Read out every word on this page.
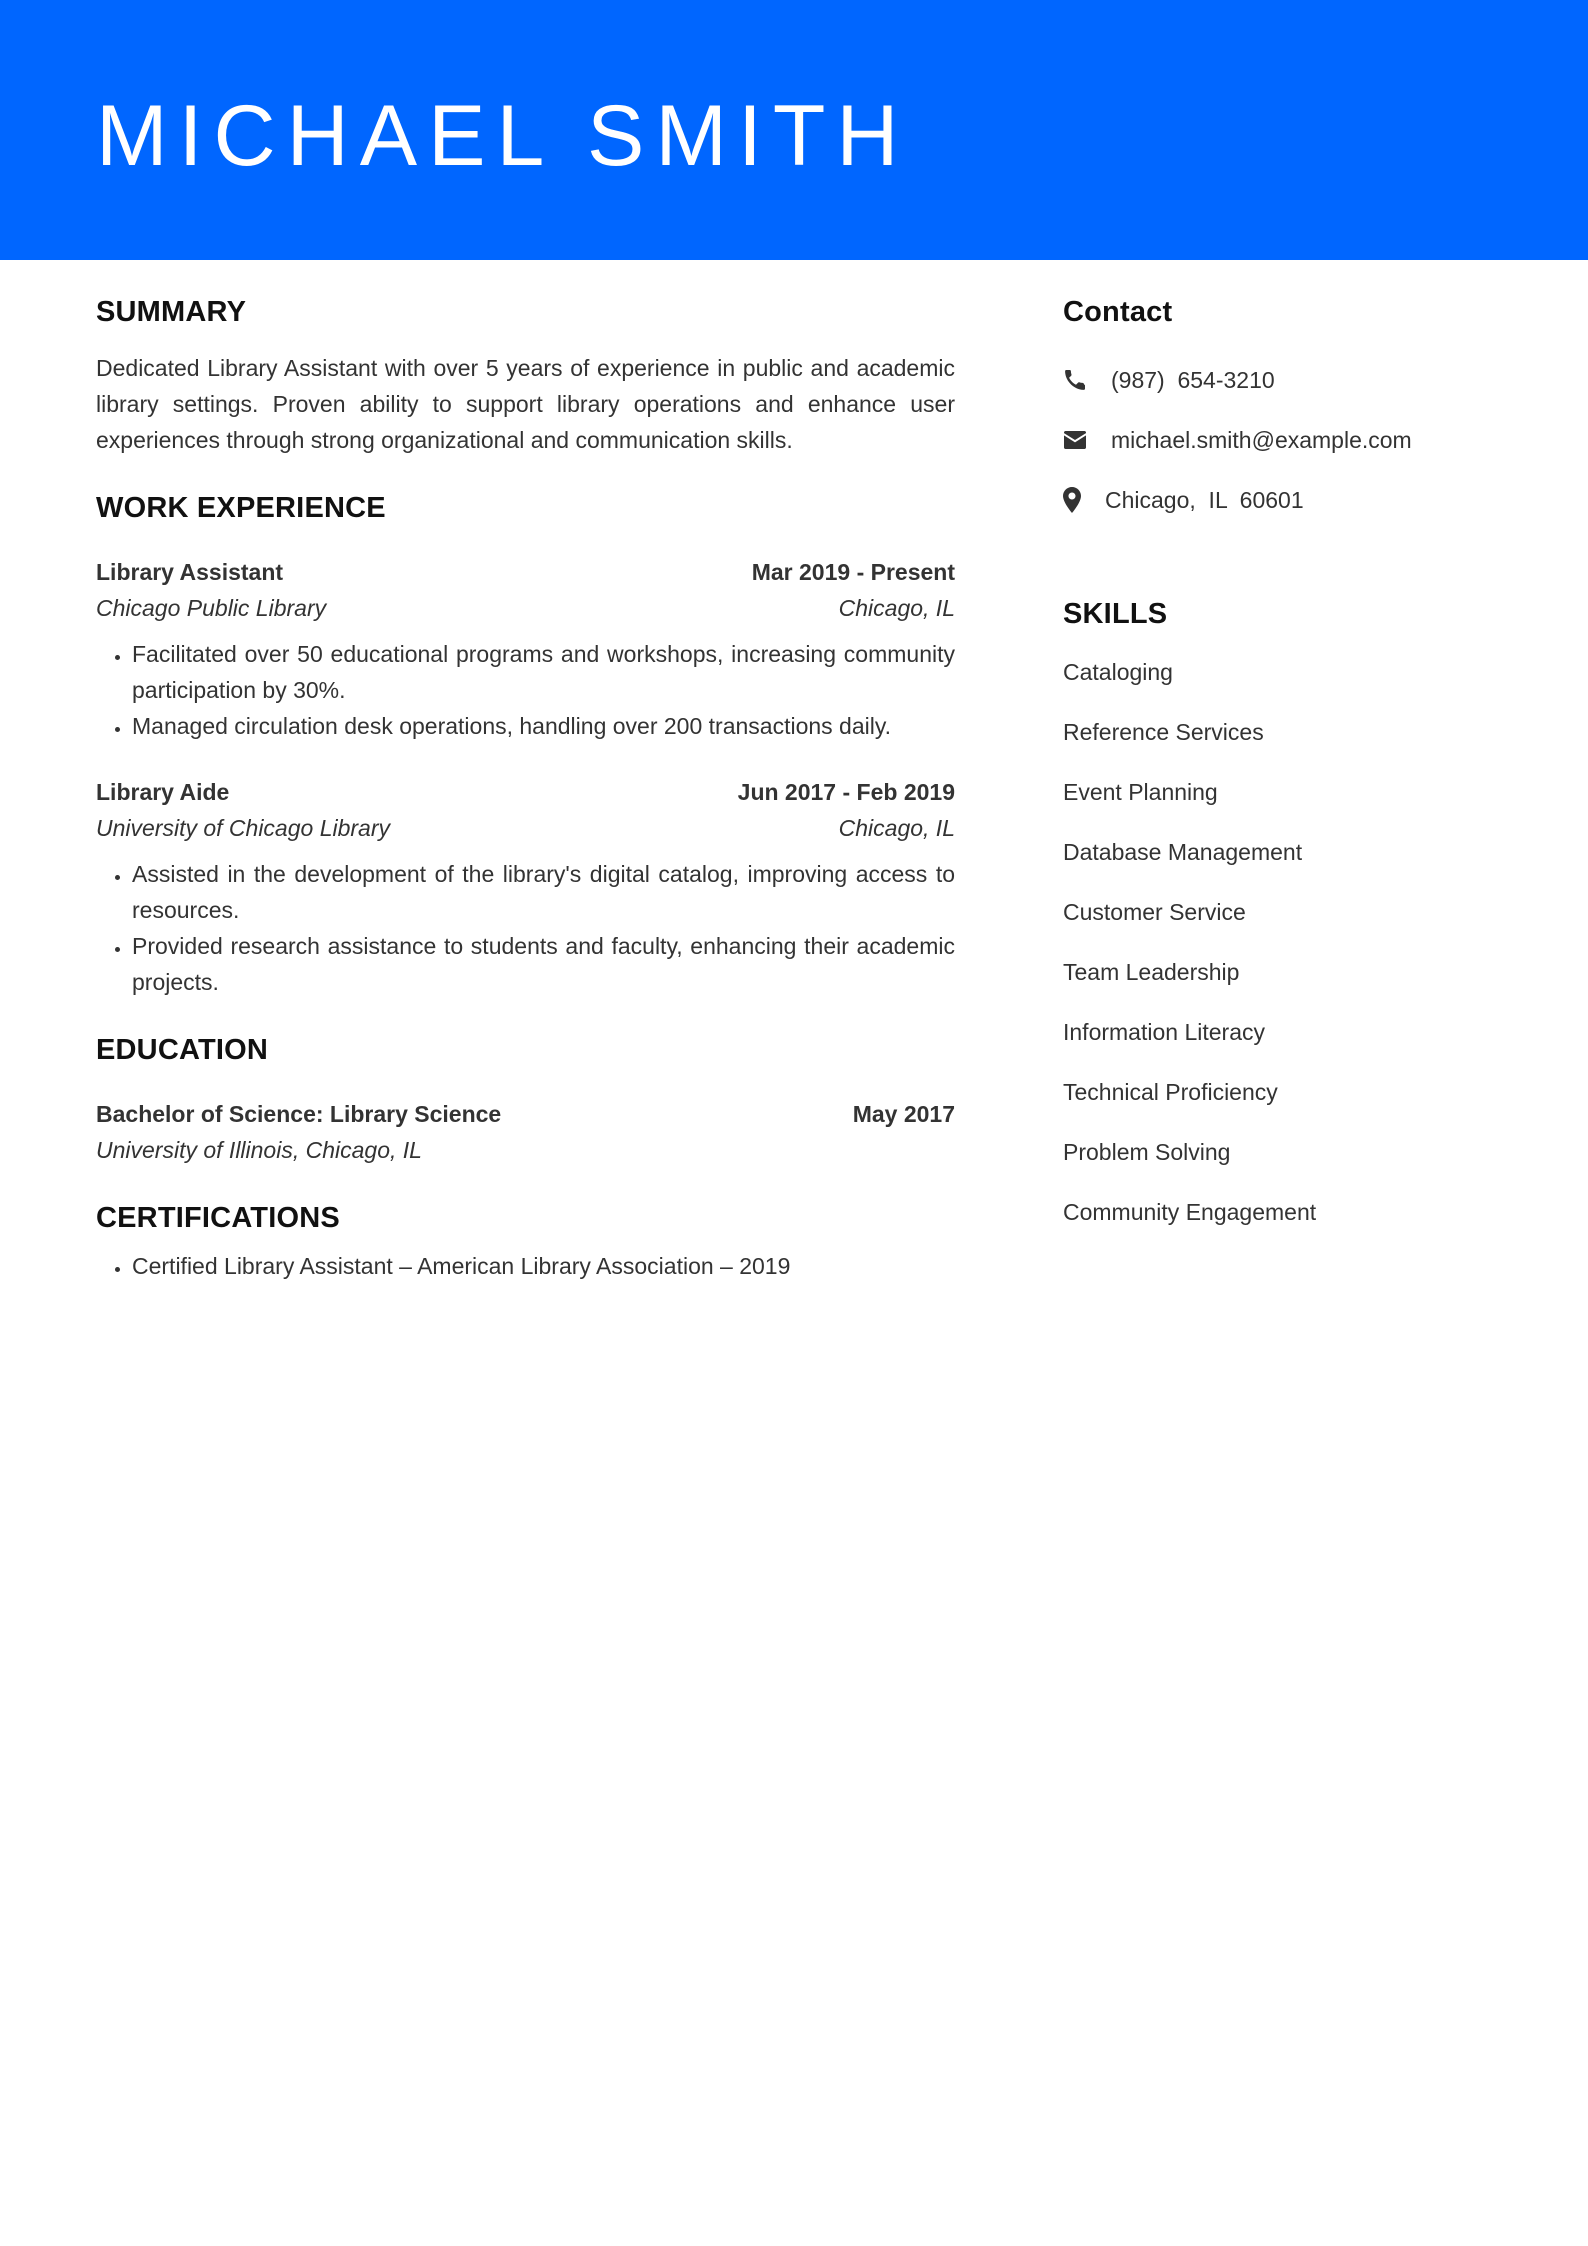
MICHAEL SMITH
SUMMARY

Dedicated Library Assistant with over 5 years of experience in public and academic library settings. Proven ability to support library operations and enhance user experiences through strong organizational and communication skills.

WORK EXPERIENCE
Library Assistant	Mar 2019 - Present
Chicago Public Library	Chicago, IL
• Facilitated over 50 educational programs and workshops, increasing community participation by 30%.
• Managed circulation desk operations, handling over 200 transactions daily.
Library Aide	Jun 2017 - Feb 2019
University of Chicago Library	Chicago, IL
• Assisted in the development of the library's digital catalog, improving access to resources.
• Provided research assistance to students and faculty, enhancing their academic projects.
EDUCATION
Bachelor of Science: Library Science	May 2017
University of Illinois, Chicago, IL
CERTIFICATIONS
• Certified Library Assistant – American Library Association – 2019
Contact
(987)  654-3210
michael.smith@example.com
Chicago,  IL  60601
SKILLS
Cataloging
Reference Services
Event Planning
Database Management
Customer Service
Team Leadership
Information Literacy
Technical Proficiency
Problem Solving
Community Engagement
